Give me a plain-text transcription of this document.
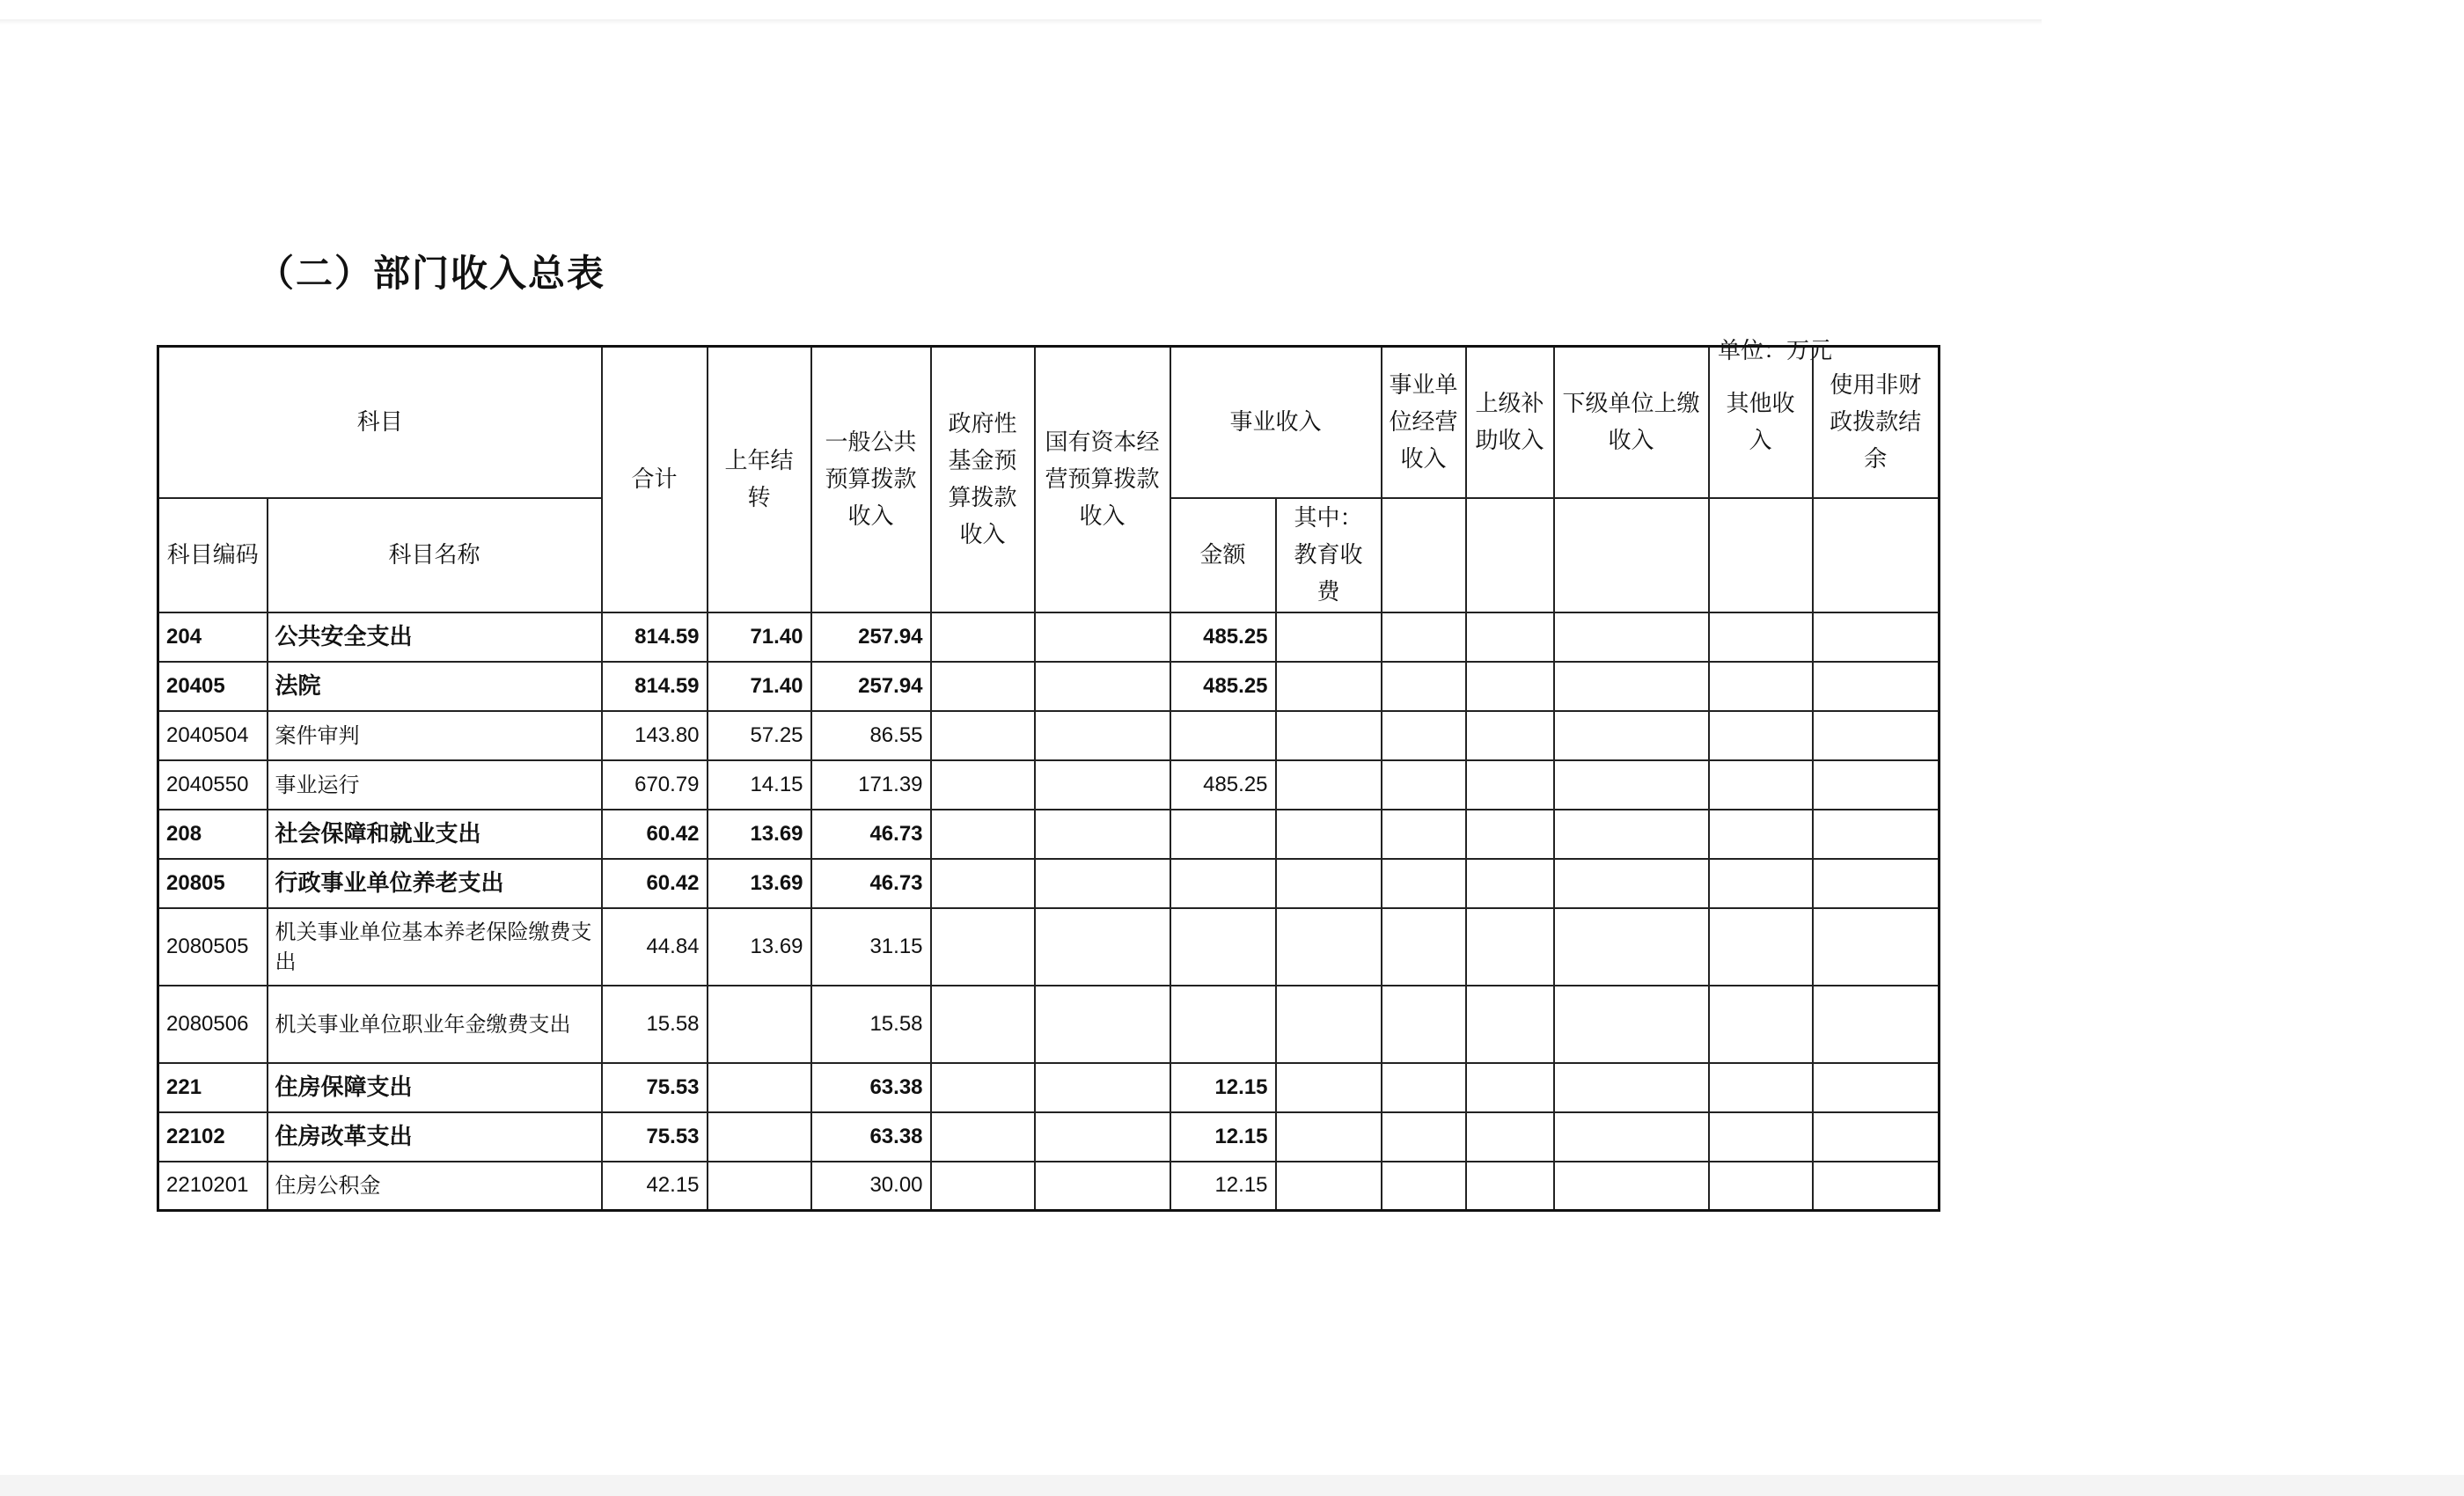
（二）部门收入总表
单位：万元
科目		合计	上年结转	一般公共预算拨款收入	政府性基金预算拨款收入	国有资本经营预算拨款收入	事业收入		事业单位经营收入	上级补助收入	下级单位上缴收入	其他收入	使用非财政拨款结余
科目编码	科目名称						金额	其中：教育收费					
204	公共安全支出	814.59	71.40	257.94			485.25						
20405	法院	814.59	71.40	257.94			485.25						
2040504	案件审判	143.80	57.25	86.55									
2040550	事业运行	670.79	14.15	171.39			485.25						
208	社会保障和就业支出	60.42	13.69	46.73									
20805	行政事业单位养老支出	60.42	13.69	46.73									
2080505	机关事业单位基本养老保险缴费支出	44.84	13.69	31.15									
2080506	机关事业单位职业年金缴费支出	15.58		15.58									
221	住房保障支出	75.53		63.38			12.15						
22102	住房改革支出	75.53		63.38			12.15						
2210201	住房公积金	42.15		30.00			12.15						
